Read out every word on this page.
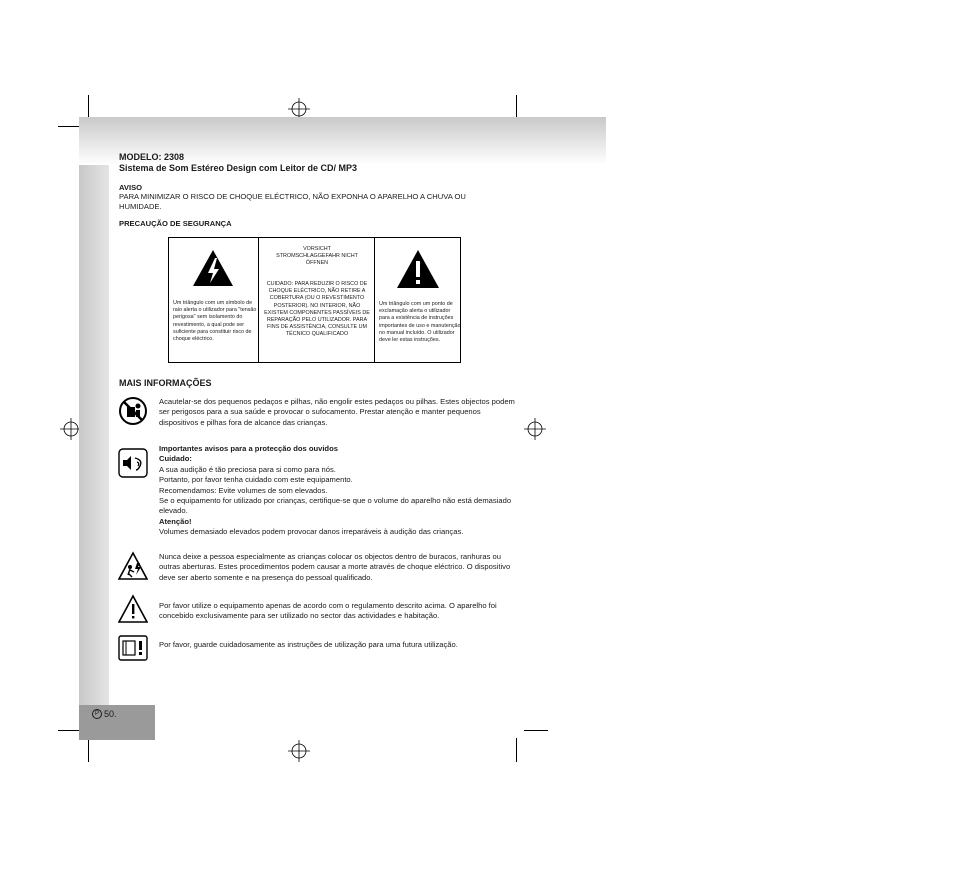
P 50.
MODELO: 2308
Sistema de Som Estéreo Design com Leitor de CD/ MP3
AVISO
PARA MINIMIZAR O RISCO DE CHOQUE ELÉCTRICO, NÃO EXPONHA O APARELHO A CHUVA OU HUMIDADE.
PRECAUÇÃO DE SEGURANÇA
Um triângulo com um símbolo de raio alerta o utilizador para "tensão perigosa" sem isolamento do revestimento, a qual pode ser suficiente para constituir risco de choque eléctrico.
VORSICHT STROMSCHLAGGEFAHR NICHT ÖFFNEN
CUIDADO: PARA REDUZIR O RISCO DE CHOQUE ELÉCTRICO, NÃO RETIRE A COBERTURA (OU O REVESTIMENTO POSTERIOR). NO INTERIOR, NÃO EXISTEM COMPONENTES PASSÍVEIS DE REPARAÇÃO PELO UTILIZADOR. PARA FINS DE ASSISTÊNCIA, CONSULTE UM TÉCNICO QUALIFICADO
Um triângulo com um ponto de exclamação alerta o utilizador para a existência de instruções importantes de uso e manutenção no manual incluído. O utilizador deve ler estas instruções.
MAIS INFORMAÇÕES
Acautelar-se dos pequenos pedaços e pilhas, não engolir estes pedaços ou pilhas. Estes objectos podem ser perigosos para a sua saúde e provocar o sufocamento. Prestar atenção e manter pequenos dispositivos e pilhas fora de alcance das crianças.
Importantes avisos para a protecção dos ouvidos
Cuidado:
A sua audição é tão preciosa para si como para nós.
Portanto, por favor tenha cuidado com este equipamento.
Recomendamos: Evite volumes de som elevados.
Se o equipamento for utilizado por crianças, certifique-se que o volume do aparelho não está demasiado elevado.
Atenção!
Volumes demasiado elevados podem provocar danos irreparáveis à audição das crianças.
Nunca deixe a pessoa especialmente as crianças colocar os objectos dentro de buracos, ranhuras ou outras aberturas. Estes procedimentos podem causar a morte através de choque eléctrico. O dispositivo deve ser aberto somente e na presença do pessoal qualificado.
Por favor utilize o equipamento apenas de acordo com o regulamento descrito acima. O aparelho foi concebido exclusivamente para ser utilizado no sector das actividades e habitação.
Por favor, guarde cuidadosamente as instruções de utilização para uma futura utilização.
